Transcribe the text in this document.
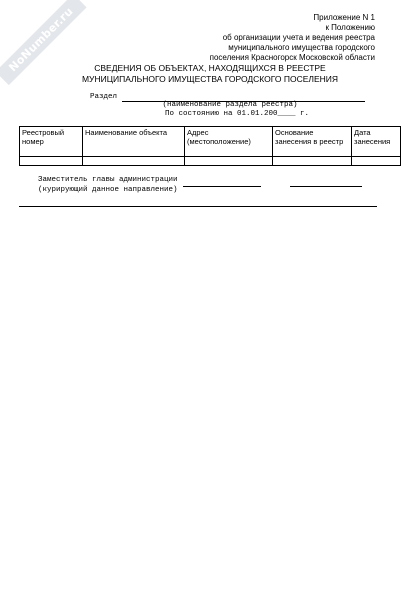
NoNumber.ru	Приложение N 1
к Положению
об организации учета и ведения реестра
муниципального имущества городского
поселения Красногорск Московской области
СВЕДЕНИЯ ОБ ОБЪЕКТАХ, НАХОДЯЩИХСЯ В РЕЕСТРЕ
МУНИЦИПАЛЬНОГО ИМУЩЕСТВА ГОРОДСКОГО ПОСЕЛЕНИЯ
Раздел
(наименование раздела реестра)
По состоянию на 01.01.200____ г.
Реестровый номер	Наименование объекта	Адрес (местоположение)	Основание занесения в реестр	Дата занесения

Заместитель главы администрации
(курирующий данное направление)
